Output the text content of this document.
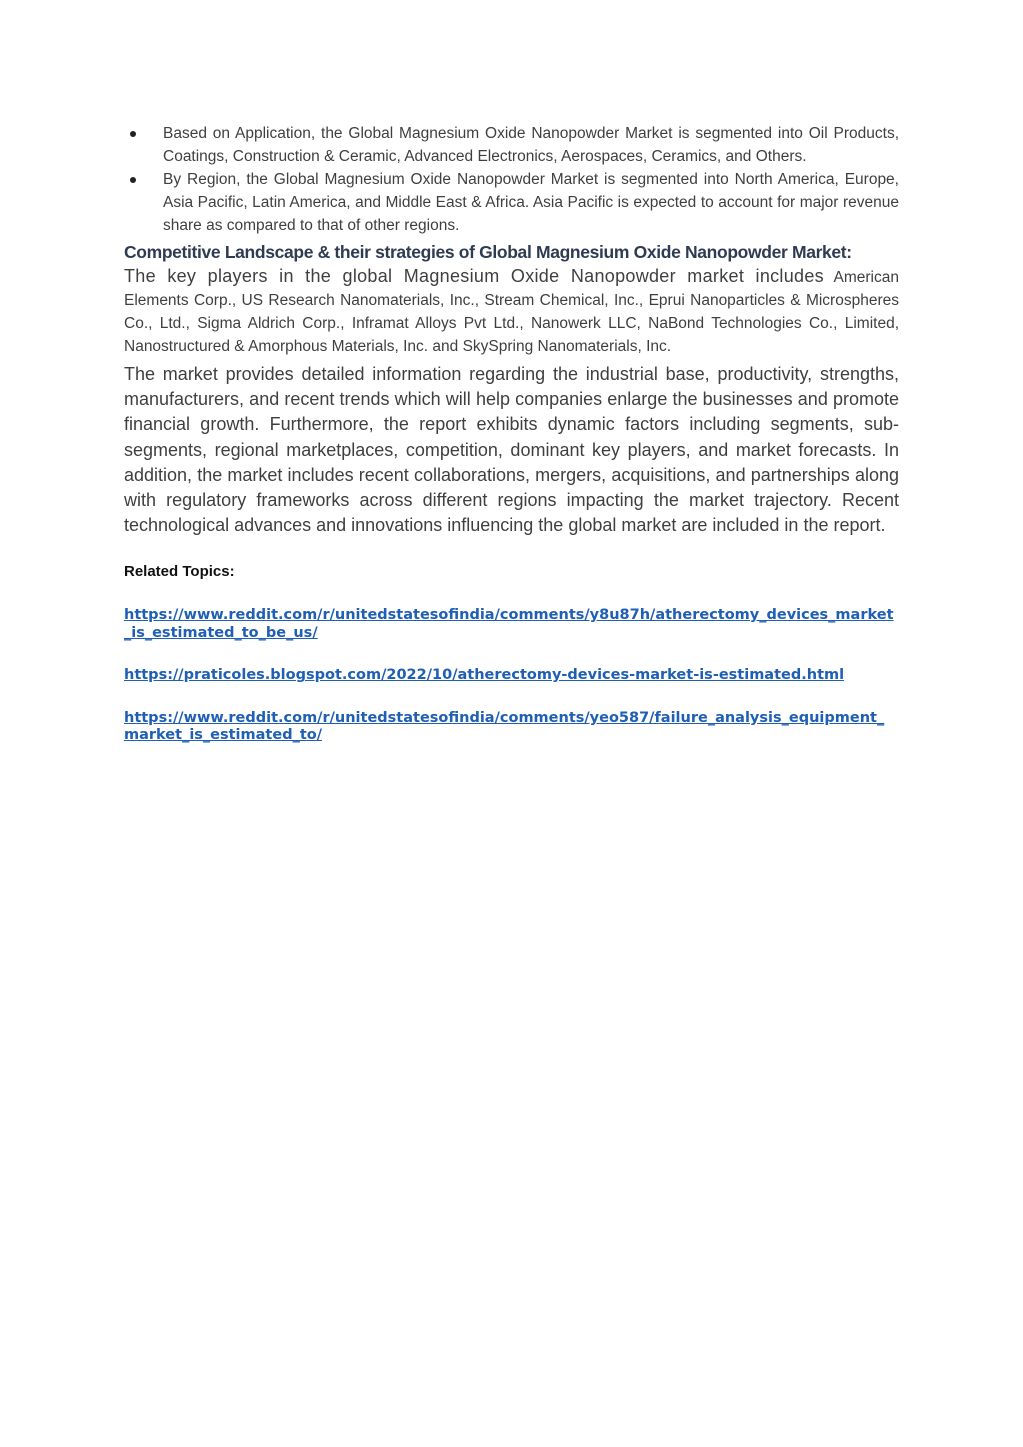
Based on Application, the Global Magnesium Oxide Nanopowder Market is segmented into Oil Products, Coatings, Construction & Ceramic, Advanced Electronics, Aerospaces, Ceramics, and Others.
By Region, the Global Magnesium Oxide Nanopowder Market is segmented into North America, Europe, Asia Pacific, Latin America, and Middle East & Africa. Asia Pacific is expected to account for major revenue share as compared to that of other regions.
Competitive Landscape & their strategies of Global Magnesium Oxide Nanopowder Market:

The key players in the global Magnesium Oxide Nanopowder market includes American Elements Corp., US Research Nanomaterials, Inc., Stream Chemical, Inc., Eprui Nanoparticles & Microspheres Co., Ltd., Sigma Aldrich Corp., Inframat Alloys Pvt Ltd., Nanowerk LLC, NaBond Technologies Co., Limited, Nanostructured & Amorphous Materials, Inc. and SkySpring Nanomaterials, Inc.

The market provides detailed information regarding the industrial base, productivity, strengths, manufacturers, and recent trends which will help companies enlarge the businesses and promote financial growth. Furthermore, the report exhibits dynamic factors including segments, sub-segments, regional marketplaces, competition, dominant key players, and market forecasts. In addition, the market includes recent collaborations, mergers, acquisitions, and partnerships along with regulatory frameworks across different regions impacting the market trajectory. Recent technological advances and innovations influencing the global market are included in the report.

Related Topics:
https://www.reddit.com/r/unitedstatesofindia/comments/y8u87h/atherectomy_devices_market_is_estimated_to_be_us/
https://praticoles.blogspot.com/2022/10/atherectomy-devices-market-is-estimated.html
https://www.reddit.com/r/unitedstatesofindia/comments/yeo587/failure_analysis_equipment_market_is_estimated_to/
